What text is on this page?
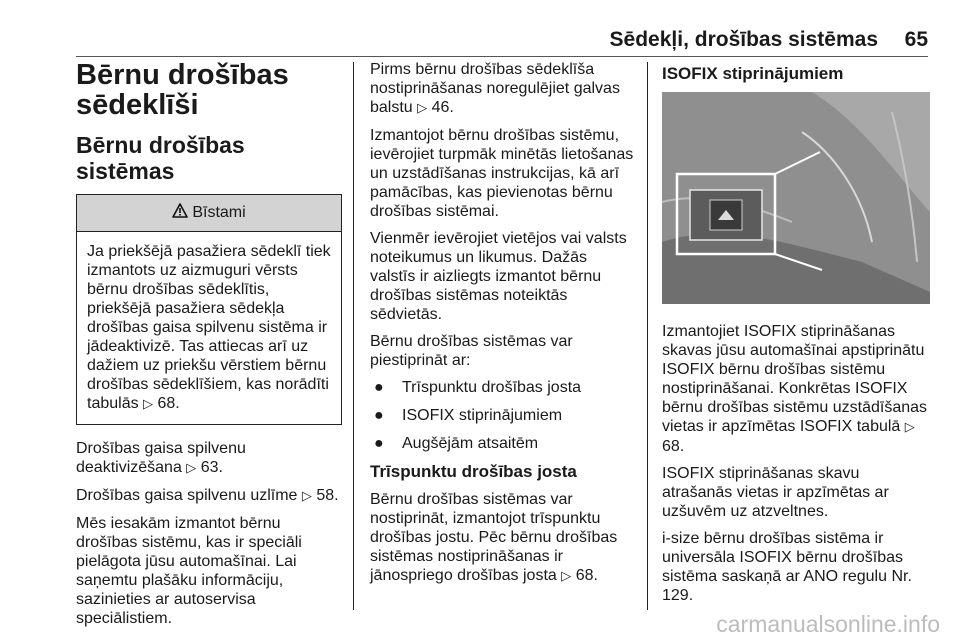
Sēdekļi, drošības sistēmas 65
Bērnu drošības
sēdeklīši
Bērnu drošības sistēmas
Bīstami
Ja priekšējā pasažiera sēdeklī tiek izmantots uz aizmuguri vērsts bērnu drošības sēdeklītis, priekšējā pasažiera sēdekļa drošības gaisa spilvenu sistēma ir jādeaktivizē. Tas attiecas arī uz dažiem uz priekšu vērstiem bērnu drošības sēdeklīšiem, kas norādīti tabulās ▷ 68.

Drošības gaisa spilvenu deaktivizēšana ▷ 63.

Drošības gaisa spilvenu uzlīme ▷ 58.

Mēs iesakām izmantot bērnu drošības sistēmu, kas ir speciāli pielāgota jūsu automašīnai. Lai saņemtu plašāku informāciju, sazinieties ar autoservisa speciālistiem.

Pirms bērnu drošības sēdeklīša nostiprināšanas noregulējiet galvas balstu ▷ 46.

Izmantojot bērnu drošības sistēmu, ievērojiet turpmāk minētās lietošanas un uzstādīšanas instrukcijas, kā arī pamācības, kas pievienotas bērnu drošības sistēmai.

Vienmēr ievērojiet vietējos vai valsts noteikumus un likumus. Dažās valstīs ir aizliegts izmantot bērnu drošības sistēmas noteiktās sēdvietās.

Bērnu drošības sistēmas var piestiprināt ar:

●	Trīspunktu drošības josta
●	ISOFIX stiprinājumiem
●	Augšējām atsaitēm
Trīspunktu drošības josta

Bērnu drošības sistēmas var nostiprināt, izmantojot trīspunktu drošības jostu. Pēc bērnu drošības sistēmas nostiprināšanas ir jānospriego drošības josta ▷ 68.

ISOFIX stiprinājumiem

Izmantojiet ISOFIX stiprināšanas skavas jūsu automašīnai apstiprinātu ISOFIX bērnu drošības sistēmu nostiprināšanai. Konkrētas ISOFIX bērnu drošības sistēmu uzstādīšanas vietas ir apzīmētas ISOFIX tabulā ▷ 68.

ISOFIX stiprināšanas skavu atrašanās vietas ir apzīmētas ar uzšuvēm uz atzveltnes.

i-size bērnu drošības sistēma ir universāla ISOFIX bērnu drošības sistēma saskaņā ar ANO regulu Nr. 129.

carmanualsonline.info
